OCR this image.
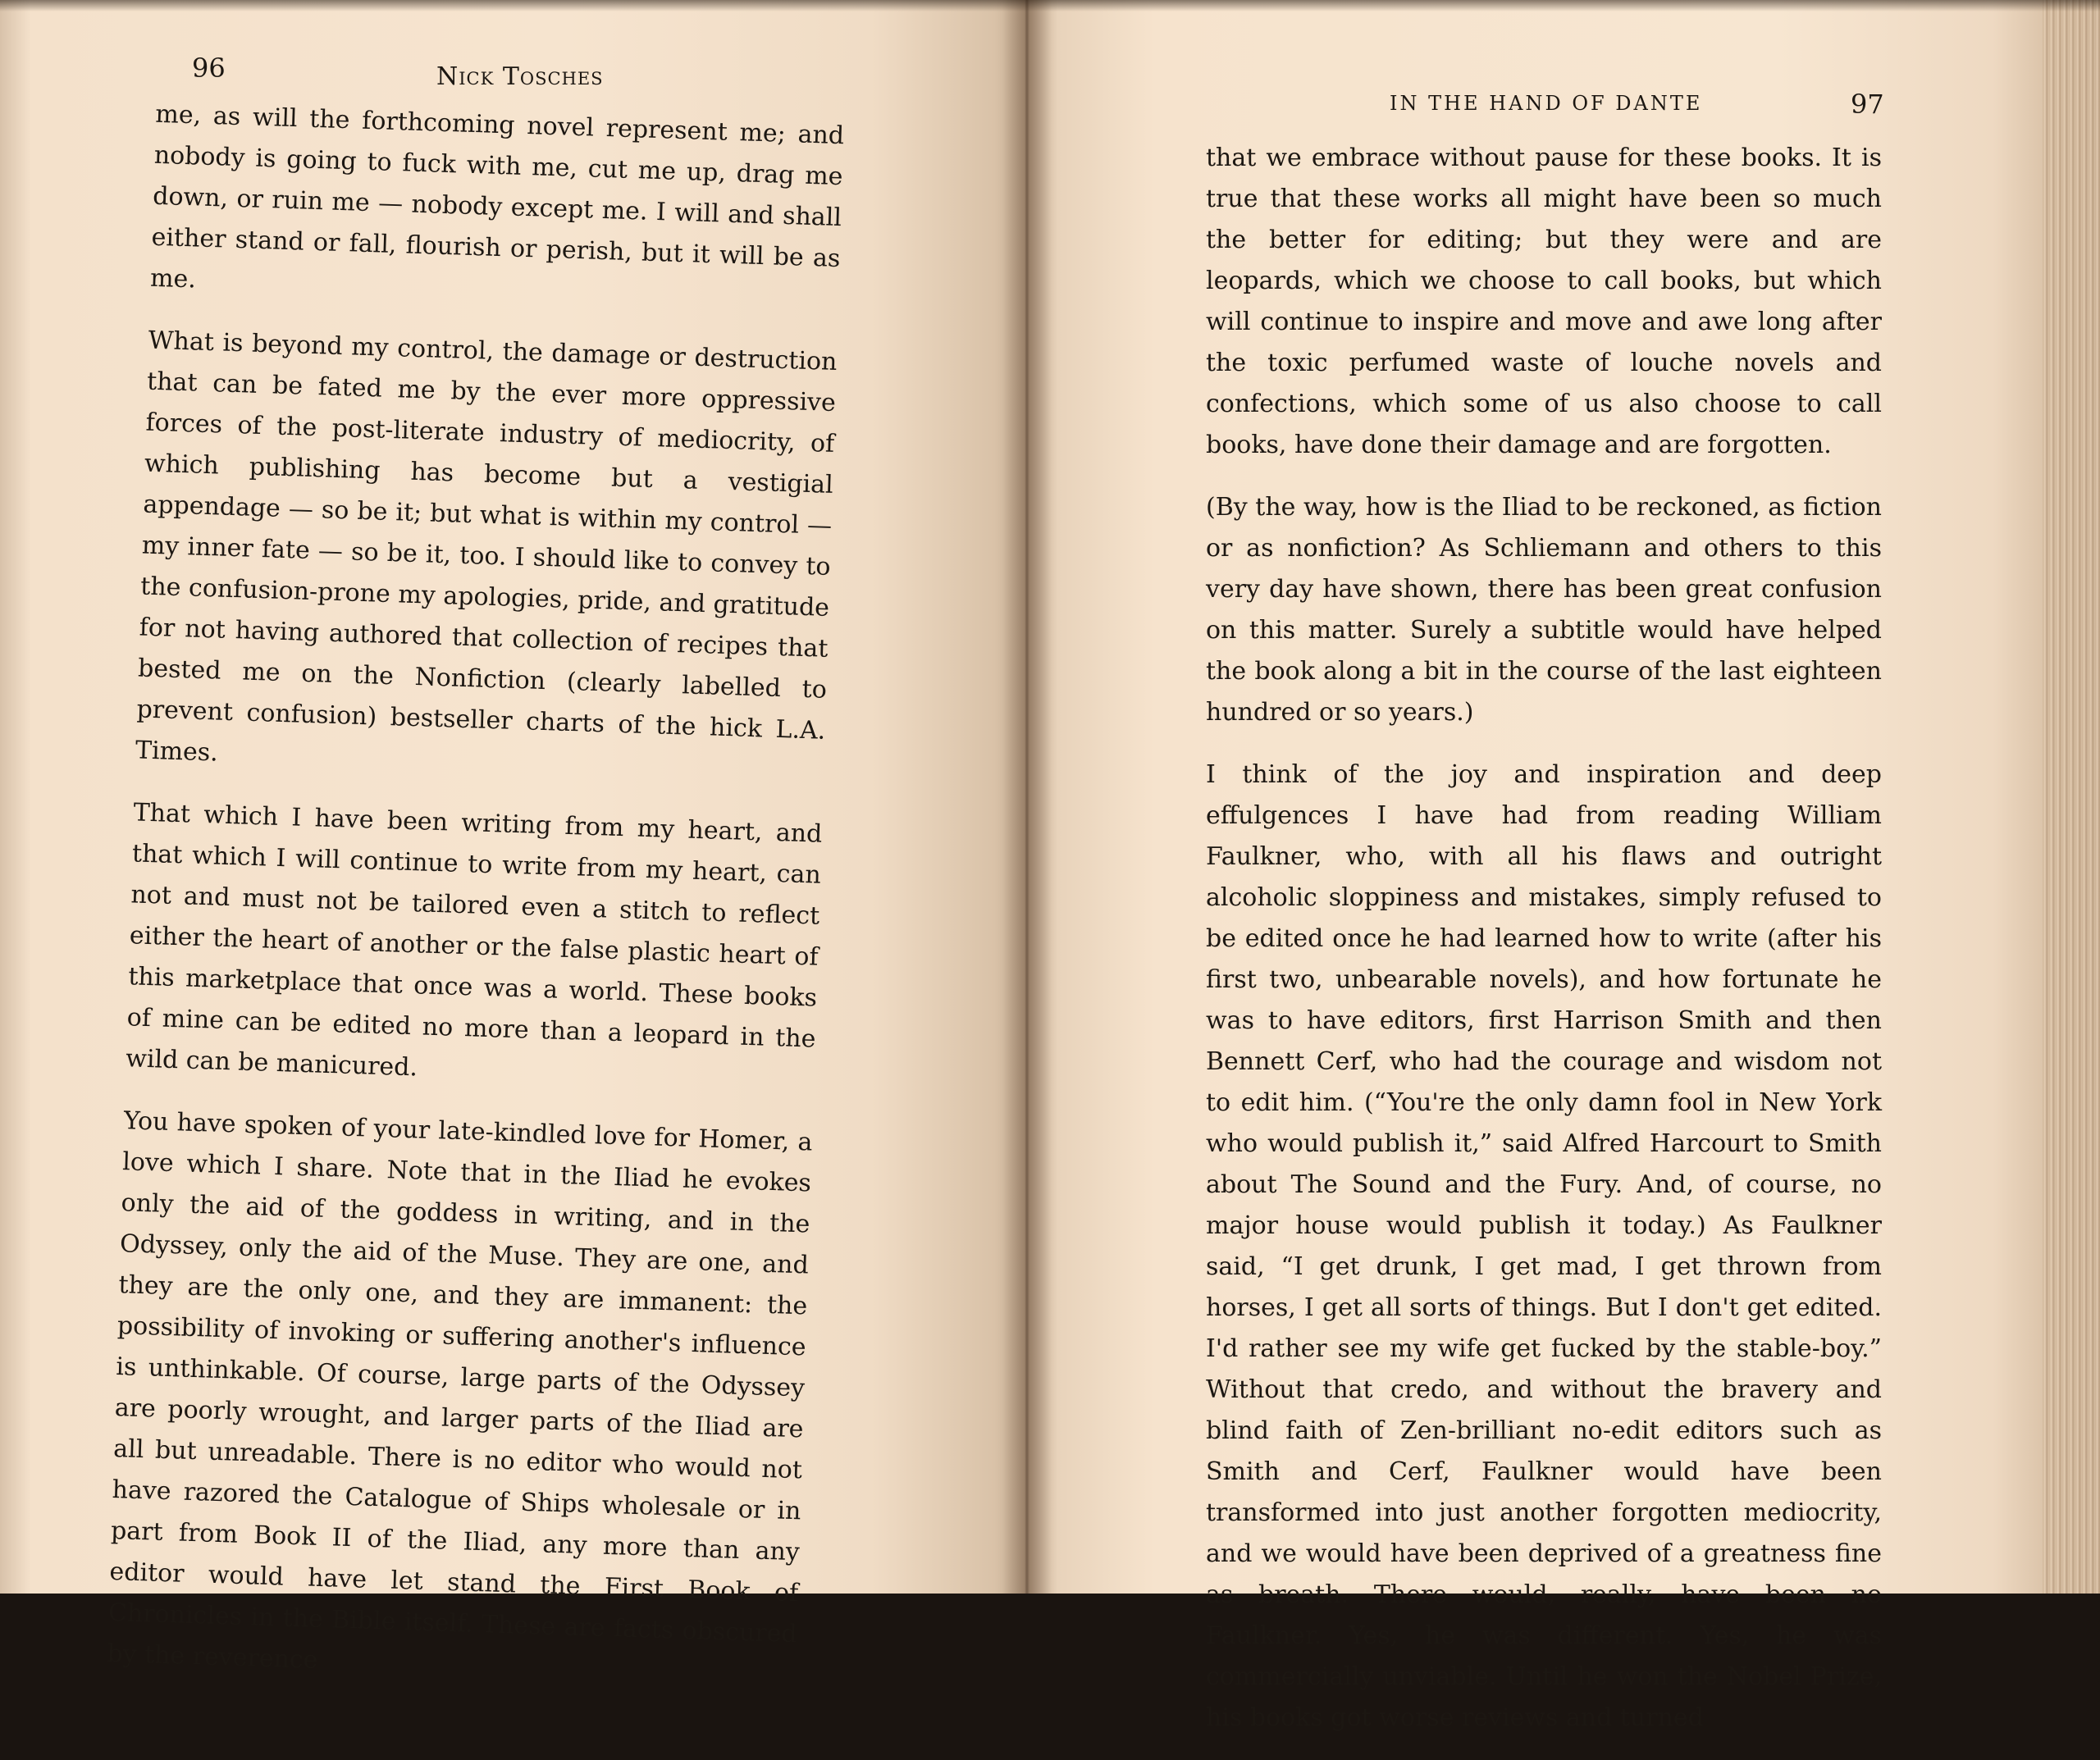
96	Nick Tosches

me, as will the forthcoming novel represent me; and nobody is going to fuck with me, cut me up, drag me down, or ruin me — nobody except me. I will and shall either stand or fall, flourish or perish, but it will be as me.

What is beyond my control, the damage or destruction that can be fated me by the ever more oppressive forces of the post-literate industry of mediocrity, of which publishing has become but a vestigial appendage — so be it; but what is within my control — my inner fate — so be it, too. I should like to convey to the confusion-prone my apologies, pride, and gratitude for not having authored that collection of recipes that bested me on the Nonfiction (clearly labelled to prevent confusion) bestseller charts of the hick L.A. Times.

That which I have been writing from my heart, and that which I will continue to write from my heart, can not and must not be tailored even a stitch to reflect either the heart of another or the false plastic heart of this marketplace that once was a world. These books of mine can be edited no more than a leopard in the wild can be manicured.

You have spoken of your late-kindled love for Homer, a love which I share. Note that in the Iliad he evokes only the aid of the goddess in writing, and in the Odyssey, only the aid of the Muse. They are one, and they are the only one, and they are immanent: the possibility of invoking or suffering another's influence is unthinkable. Of course, large parts of the Odyssey are poorly wrought, and larger parts of the Iliad are all but unreadable. There is no editor who would not have razored the Catalogue of Ships wholesale or in part from Book II of the Iliad, any more than any editor would have let stand the First Book of Chronicles in the Bible itself. These are facts obscured by the reverence

IN THE HAND OF DANTE	97

that we embrace without pause for these books. It is true that these works all might have been so much the better for editing; but they were and are leopards, which we choose to call books, but which will continue to inspire and move and awe long after the toxic perfumed waste of louche novels and confections, which some of us also choose to call books, have done their damage and are forgotten.

(By the way, how is the Iliad to be reckoned, as fiction or as nonfiction? As Schliemann and others to this very day have shown, there has been great confusion on this matter. Surely a subtitle would have helped the book along a bit in the course of the last eighteen hundred or so years.)

I think of the joy and inspiration and deep effulgences I have had from reading William Faulkner, who, with all his flaws and outright alcoholic sloppiness and mistakes, simply refused to be edited once he had learned how to write (after his first two, unbearable novels), and how fortunate he was to have editors, first Harrison Smith and then Bennett Cerf, who had the courage and wisdom not to edit him. (“You're the only damn fool in New York who would publish it,” said Alfred Harcourt to Smith about The Sound and the Fury. And, of course, no major house would publish it today.) As Faulkner said, “I get drunk, I get mad, I get thrown from horses, I get all sorts of things. But I don't get edited. I'd rather see my wife get fucked by the stable-boy.” Without that credo, and without the bravery and blind faith of Zen-brilliant no-edit editors such as Smith and Cerf, Faulkner would have been transformed into just another forgotten mediocrity, and we would have been deprived of a greatness fine as breath. There would, really, have been no Faulkner. Yes, he was different. Yes, he was commercially unviable. Until he won the Nobel Prize, his books got worse reviews and turned
